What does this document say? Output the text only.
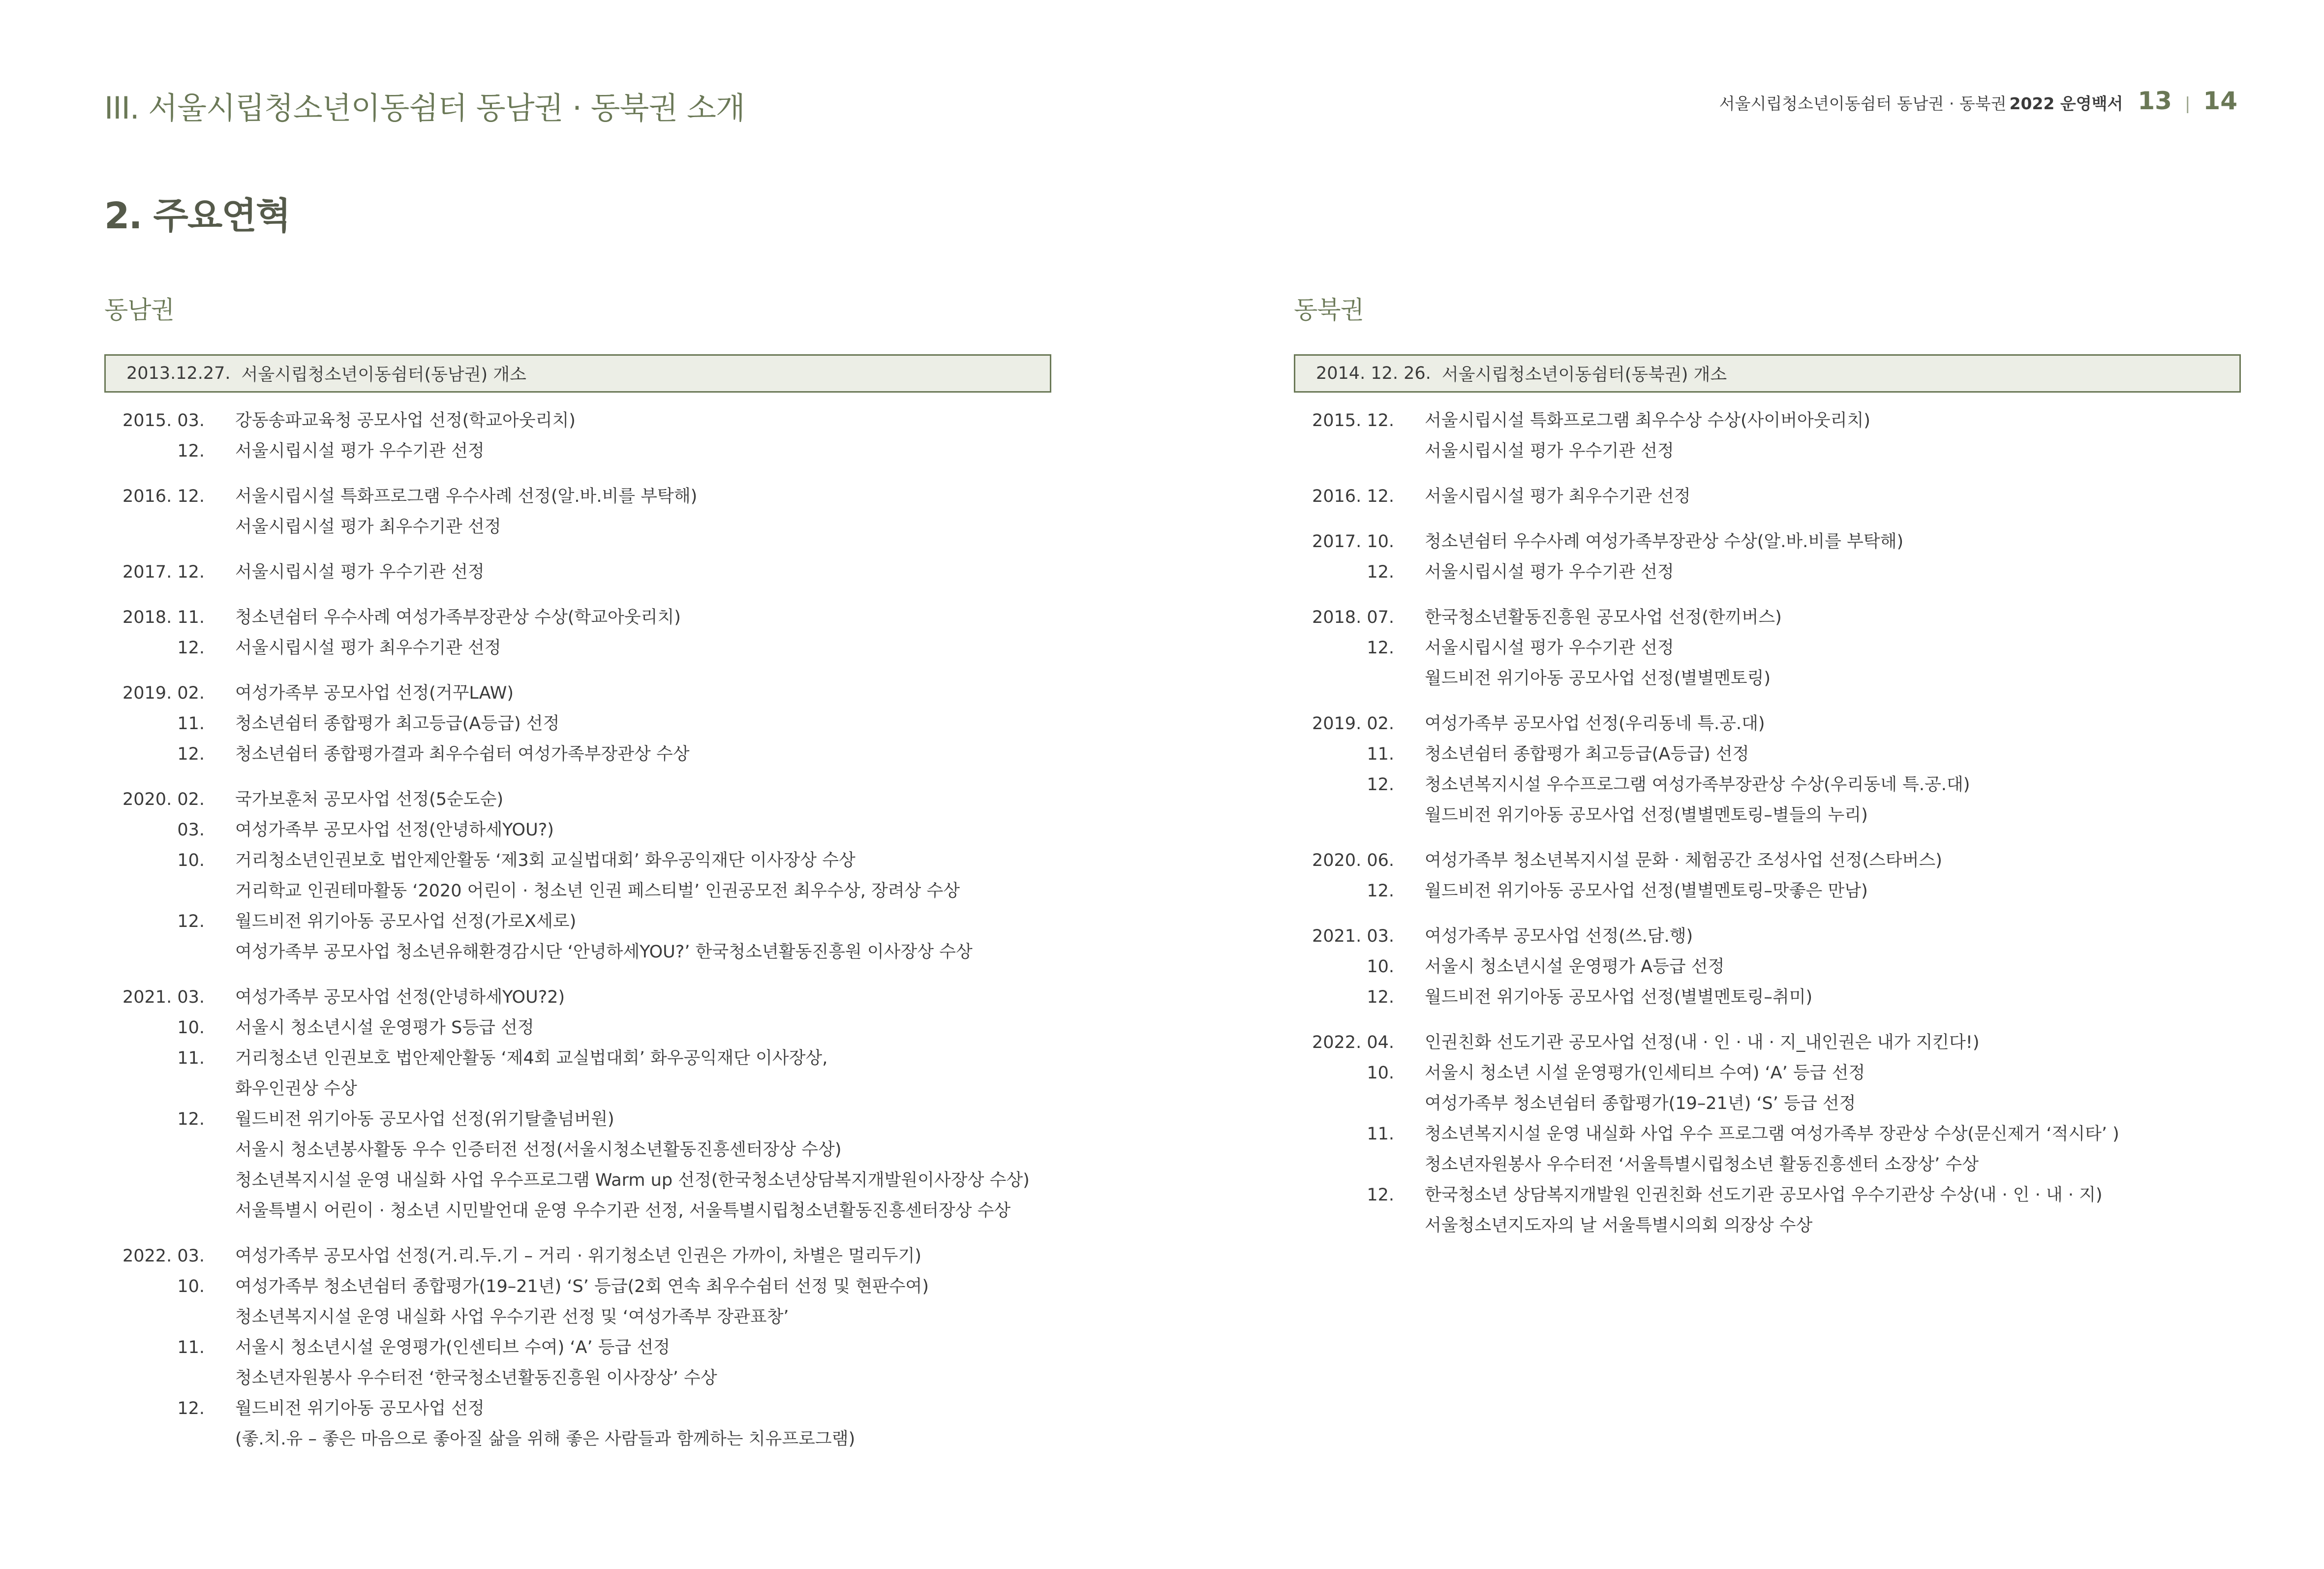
III. 서울시립청소년이동쉼터 동남권 · 동북권 소개	서울시립청소년이동쉼터 동남권 · 동북권 2022 운영백서 13 | 14
2. 주요연혁
동남권
2013.12.27. 서울시립청소년이동쉼터(동남권) 개소
2015. 03.	강동송파교육청 공모사업 선정(학교아웃리치)
12.	서울시립시설 평가 우수기관 선정
2016. 12.	서울시립시설 특화프로그램 우수사례 선정(알.바.비를 부탁해)
서울시립시설 평가 최우수기관 선정
2017. 12.	서울시립시설 평가 우수기관 선정
2018. 11.	청소년쉼터 우수사례 여성가족부장관상 수상(학교아웃리치)
12.	서울시립시설 평가 최우수기관 선정
2019. 02.	여성가족부 공모사업 선정(거꾸LAW)
11.	청소년쉼터 종합평가 최고등급(A등급) 선정
12.	청소년쉼터 종합평가결과 최우수쉼터 여성가족부장관상 수상
2020. 02.	국가보훈처 공모사업 선정(5순도순)
03.	여성가족부 공모사업 선정(안녕하세YOU?)
10.	거리청소년인권보호 법안제안활동 ‘제3회 교실법대회’ 화우공익재단 이사장상 수상
거리학교 인권테마활동 ‘2020 어린이 · 청소년 인권 페스티벌’ 인권공모전 최우수상, 장려상 수상
12.	월드비전 위기아동 공모사업 선정(가로X세로)
여성가족부 공모사업 청소년유해환경감시단 ‘안녕하세YOU?’ 한국청소년활동진흥원 이사장상 수상
2021. 03.	여성가족부 공모사업 선정(안녕하세YOU?2)
10.	서울시 청소년시설 운영평가 S등급 선정
11.	거리청소년 인권보호 법안제안활동 ‘제4회 교실법대회’ 화우공익재단 이사장상,
화우인권상 수상
12.	월드비전 위기아동 공모사업 선정(위기탈출넘버원)
서울시 청소년봉사활동 우수 인증터전 선정(서울시청소년활동진흥센터장상 수상)
청소년복지시설 운영 내실화 사업 우수프로그램 Warm up 선정(한국청소년상담복지개발원이사장상 수상)
서울특별시 어린이 · 청소년 시민발언대 운영 우수기관 선정, 서울특별시립청소년활동진흥센터장상 수상
2022. 03.	여성가족부 공모사업 선정(거.리.두.기 – 거리 · 위기청소년 인권은 가까이, 차별은 멀리두기)
10.	여성가족부 청소년쉼터 종합평가(19–21년) ‘S’ 등급(2회 연속 최우수쉼터 선정 및 현판수여)
청소년복지시설 운영 내실화 사업 우수기관 선정 및 ‘여성가족부 장관표창’
11.	서울시 청소년시설 운영평가(인센티브 수여) ‘A’ 등급 선정
청소년자원봉사 우수터전 ‘한국청소년활동진흥원 이사장상’ 수상
12.	월드비전 위기아동 공모사업 선정
(좋.치.유 – 좋은 마음으로 좋아질 삶을 위해 좋은 사람들과 함께하는 치유프로그램)
동북권
2014. 12. 26. 서울시립청소년이동쉼터(동북권) 개소
2015. 12.	서울시립시설 특화프로그램 최우수상 수상(사이버아웃리치)
서울시립시설 평가 우수기관 선정
2016. 12.	서울시립시설 평가 최우수기관 선정
2017. 10.	청소년쉼터 우수사례 여성가족부장관상 수상(알.바.비를 부탁해)
12.	서울시립시설 평가 우수기관 선정
2018. 07.	한국청소년활동진흥원 공모사업 선정(한끼버스)
12.	서울시립시설 평가 우수기관 선정
월드비전 위기아동 공모사업 선정(별별멘토링)
2019. 02.	여성가족부 공모사업 선정(우리동네 특.공.대)
11.	청소년쉼터 종합평가 최고등급(A등급) 선정
12.	청소년복지시설 우수프로그램 여성가족부장관상 수상(우리동네 특.공.대)
월드비전 위기아동 공모사업 선정(별별멘토링–별들의 누리)
2020. 06.	여성가족부 청소년복지시설 문화 · 체험공간 조성사업 선정(스타버스)
12.	월드비전 위기아동 공모사업 선정(별별멘토링–맛좋은 만남)
2021. 03.	여성가족부 공모사업 선정(쓰.담.행)
10.	서울시 청소년시설 운영평가 A등급 선정
12.	월드비전 위기아동 공모사업 선정(별별멘토링–취미)
2022. 04.	인권친화 선도기관 공모사업 선정(내 · 인 · 내 · 지_내인권은 내가 지킨다!)
10.	서울시 청소년 시설 운영평가(인세티브 수여) ‘A’ 등급 선정
여성가족부 청소년쉼터 종합평가(19–21년) ‘S’ 등급 선정
11.	청소년복지시설 운영 내실화 사업 우수 프로그램 여성가족부 장관상 수상(문신제거 ‘적시타’ )
청소년자원봉사 우수터전 ‘서울특별시립청소년 활동진흥센터 소장상’ 수상
12.	한국청소년 상담복지개발원 인권친화 선도기관 공모사업 우수기관상 수상(내 · 인 · 내 · 지)
서울청소년지도자의 날 서울특별시의회 의장상 수상
